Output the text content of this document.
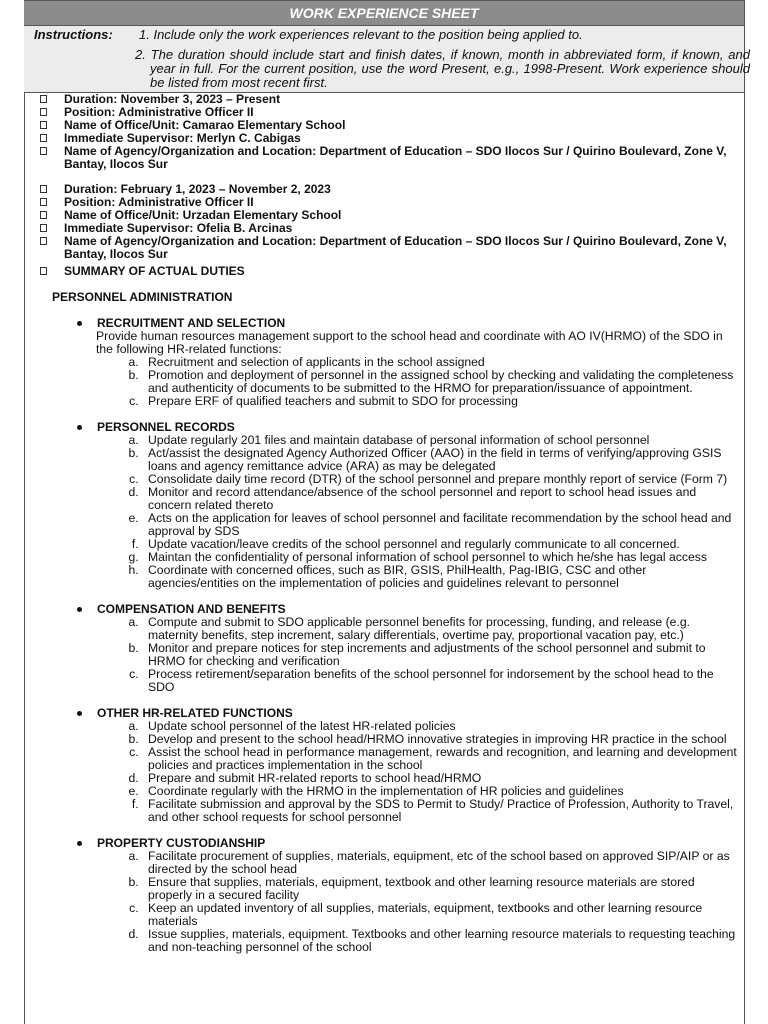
WORK EXPERIENCE SHEET
Instructions: 1. Include only the work experiences relevant to the position being applied to.
2. The duration should include start and finish dates, if known, month in abbreviated form, if known, and year in full. For the current position, use the word Present, e.g., 1998-Present. Work experience should be listed from most recent first.
Duration: November 3, 2023 – Present
Position: Administrative Officer II
Name of Office/Unit: Camarao Elementary School
Immediate Supervisor: Merlyn C. Cabigas
Name of Agency/Organization and Location: Department of Education – SDO Ilocos Sur / Quirino Boulevard, Zone V, Bantay, Ilocos Sur
Duration: February 1, 2023 – November 2, 2023
Position: Administrative Officer II
Name of Office/Unit: Urzadan Elementary School
Immediate Supervisor: Ofelia B. Arcinas
Name of Agency/Organization and Location: Department of Education – SDO Ilocos Sur / Quirino Boulevard, Zone V, Bantay, Ilocos Sur
SUMMARY OF ACTUAL DUTIES
PERSONNEL ADMINISTRATION
RECRUITMENT AND SELECTION
Provide human resources management support to the school head and coordinate with AO IV(HRMO) of the SDO in the following HR-related functions:
a. Recruitment and selection of applicants in the school assigned
b. Promotion and deployment of personnel in the assigned school by checking and validating the completeness and authenticity of documents to be submitted to the HRMO for preparation/issuance of appointment.
c. Prepare ERF of qualified teachers and submit to SDO for processing
PERSONNEL RECORDS
a. Update regularly 201 files and maintain database of personal information of school personnel
b. Act/assist the designated Agency Authorized Officer (AAO) in the field in terms of verifying/approving GSIS loans and agency remittance advice (ARA) as may be delegated
c. Consolidate daily time record (DTR) of the school personnel and prepare monthly report of service (Form 7)
d. Monitor and record attendance/absence of the school personnel and report to school head issues and concern related thereto
e. Acts on the application for leaves of school personnel and facilitate recommendation by the school head and approval by SDS
f. Update vacation/leave credits of the school personnel and regularly communicate to all concerned.
g. Maintan the confidentiality of personal information of school personnel to which he/she has legal access
h. Coordinate with concerned offices, such as BIR, GSIS, PhilHealth, Pag-IBIG, CSC and other agencies/entities on the implementation of policies and guidelines relevant to personnel
COMPENSATION AND BENEFITS
a. Compute and submit to SDO applicable personnel benefits for processing, funding, and release (e.g. maternity benefits, step increment, salary differentials, overtime pay, proportional vacation pay, etc.)
b. Monitor and prepare notices for step increments and adjustments of the school personnel and submit to HRMO for checking and verification
c. Process retirement/separation benefits of the school personnel for indorsement by the school head to the SDO
OTHER HR-RELATED FUNCTIONS
a. Update school personnel of the latest HR-related policies
b. Develop and present to the school head/HRMO innovative strategies in improving HR practice in the school
c. Assist the school head in performance management, rewards and recognition, and learning and development policies and practices implementation in the school
d. Prepare and submit HR-related reports to school head/HRMO
e. Coordinate regularly with the HRMO in the implementation of HR policies and guidelines
f. Facilitate submission and approval by the SDS to Permit to Study/ Practice of Profession, Authority to Travel, and other school requests for school personnel
PROPERTY CUSTODIANSHIP
a. Facilitate procurement of supplies, materials, equipment, etc of the school based on approved SIP/AIP or as directed by the school head
b. Ensure that supplies, materials, equipment, textbook and other learning resource materials are stored properly in a secured facility
c. Keep an updated inventory of all supplies, materials, equipment, textbooks and other learning resource materials
d. Issue supplies, materials, equipment. Textbooks and other learning resource materials to requesting teaching and non-teaching personnel of the school
